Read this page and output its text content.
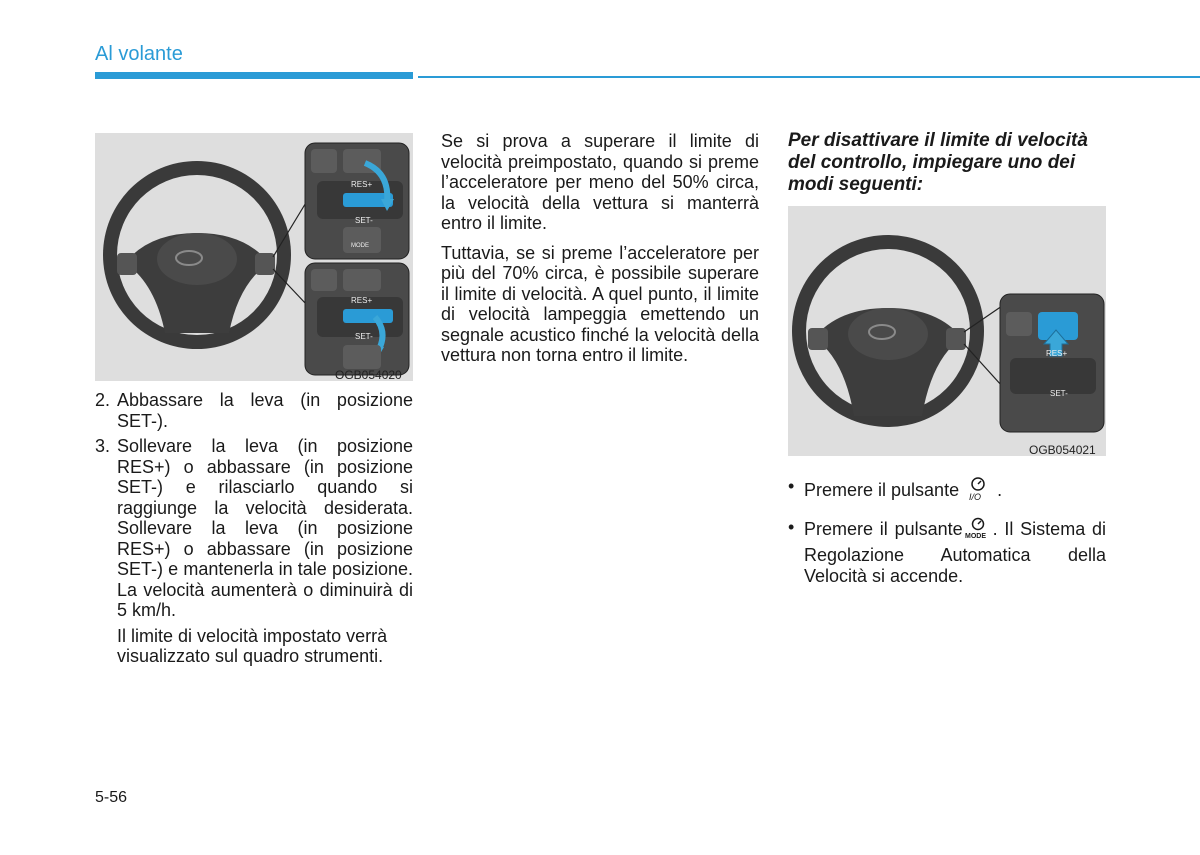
Al volante
RES+
SET-
MODE
RES+
SET-
OGB054020
2. Abbassare la leva (in posizione SET-).
3. Sollevare la leva (in posizione RES+) o abbassare (in posizione SET-) e rilasciarlo quando si raggiunge la velocità desiderata. Sollevare la leva (in posizione RES+) o abbassare (in posizione SET-) e mantenerla in tale posizione. La velocità aumenterà o diminuirà di 5 km/h.
Il limite di velocità impostato verrà visualizzato sul quadro strumenti.

Se si prova a superare il limite di velocità preimpostato, quando si preme l’acceleratore per meno del 50% circa, la velocità della vettura si manterrà entro il limite.

Tuttavia, se si preme l’acceleratore per più del 70% circa, è possibile superare il limite di velocità. A quel punto, il limite di velocità lampeggia emettendo un segnale acustico finché la velocità della vettura non torna entro il limite.

Per disattivare il limite di velocità del controllo, impiegare uno dei modi seguenti:
RES+
SET-
OGB054021
• Premere il pulsante I/O .
• Premere il pulsante MODE . Il Sistema di Regolazione Automatica della Velocità si accende.
5-56
